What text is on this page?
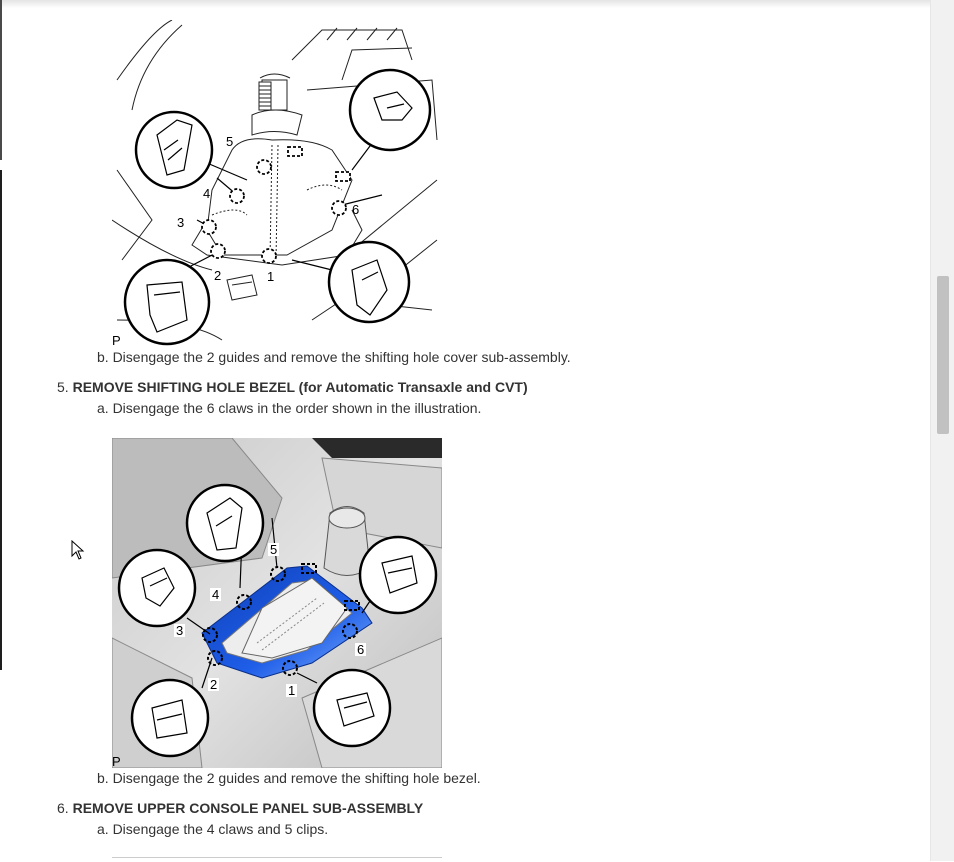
1
2
3
4
5
6
P
b. Disengage the 2 guides and remove the shifting hole cover sub-assembly.
5. REMOVE SHIFTING HOLE BEZEL (for Automatic Transaxle and CVT)
a. Disengage the 6 claws in the order shown in the illustration.
1
2
3
4
5
6
P
b. Disengage the 2 guides and remove the shifting hole bezel.
6. REMOVE UPPER CONSOLE PANEL SUB-ASSEMBLY
a. Disengage the 4 claws and 5 clips.
